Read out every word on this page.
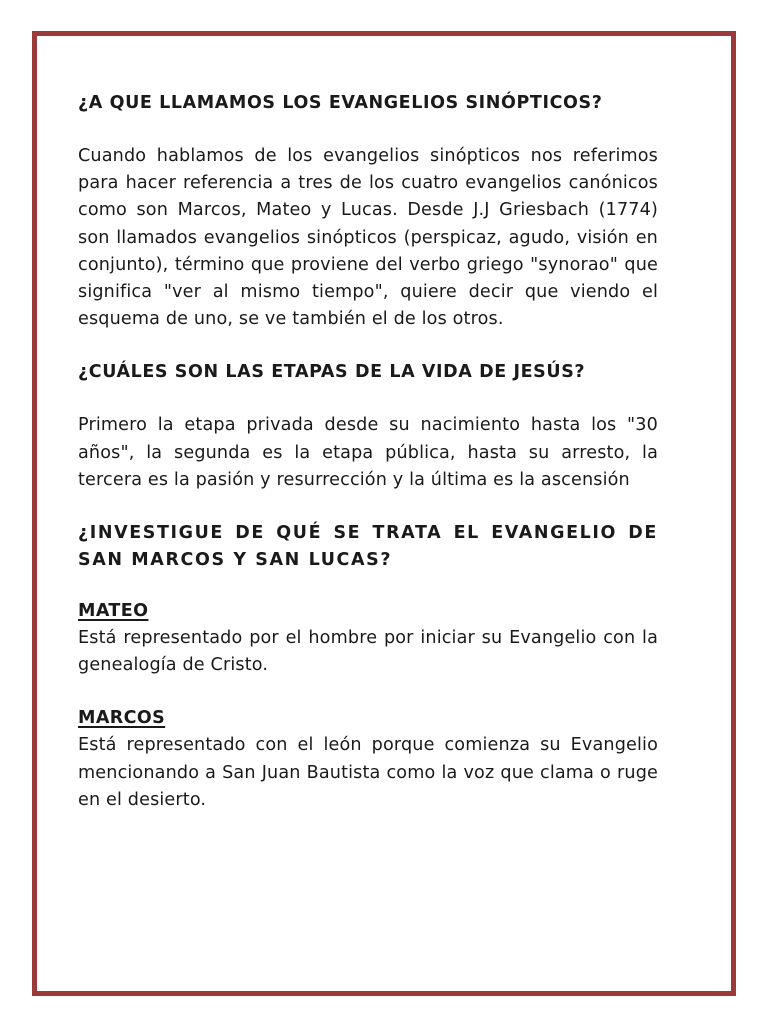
¿A QUE LLAMAMOS LOS EVANGELIOS SINÓPTICOS?

Cuando hablamos de los evangelios sinópticos nos referimos para hacer referencia a tres de los cuatro evangelios canónicos como son Marcos, Mateo y Lucas. Desde J.J Griesbach (1774) son llamados evangelios sinópticos (perspicaz, agudo, visión en conjunto), término que proviene del verbo griego "synorao" que significa "ver al mismo tiempo", quiere decir que viendo el esquema de uno, se ve también el de los otros.

¿CUÁLES SON LAS ETAPAS DE LA VIDA DE JESÚS?

Primero la etapa privada desde su nacimiento hasta los "30 años", la segunda es la etapa pública, hasta su arresto, la tercera es la pasión y resurrección y la última es la ascensión

¿INVESTIGUE DE QUÉ SE TRATA EL EVANGELIO DE SAN MARCOS Y SAN LUCAS?
MATEO

Está representado por el hombre por iniciar su Evangelio con la genealogía de Cristo.

MARCOS

Está representado con el león porque comienza su Evangelio mencionando a San Juan Bautista como la voz que clama o ruge en el desierto.
